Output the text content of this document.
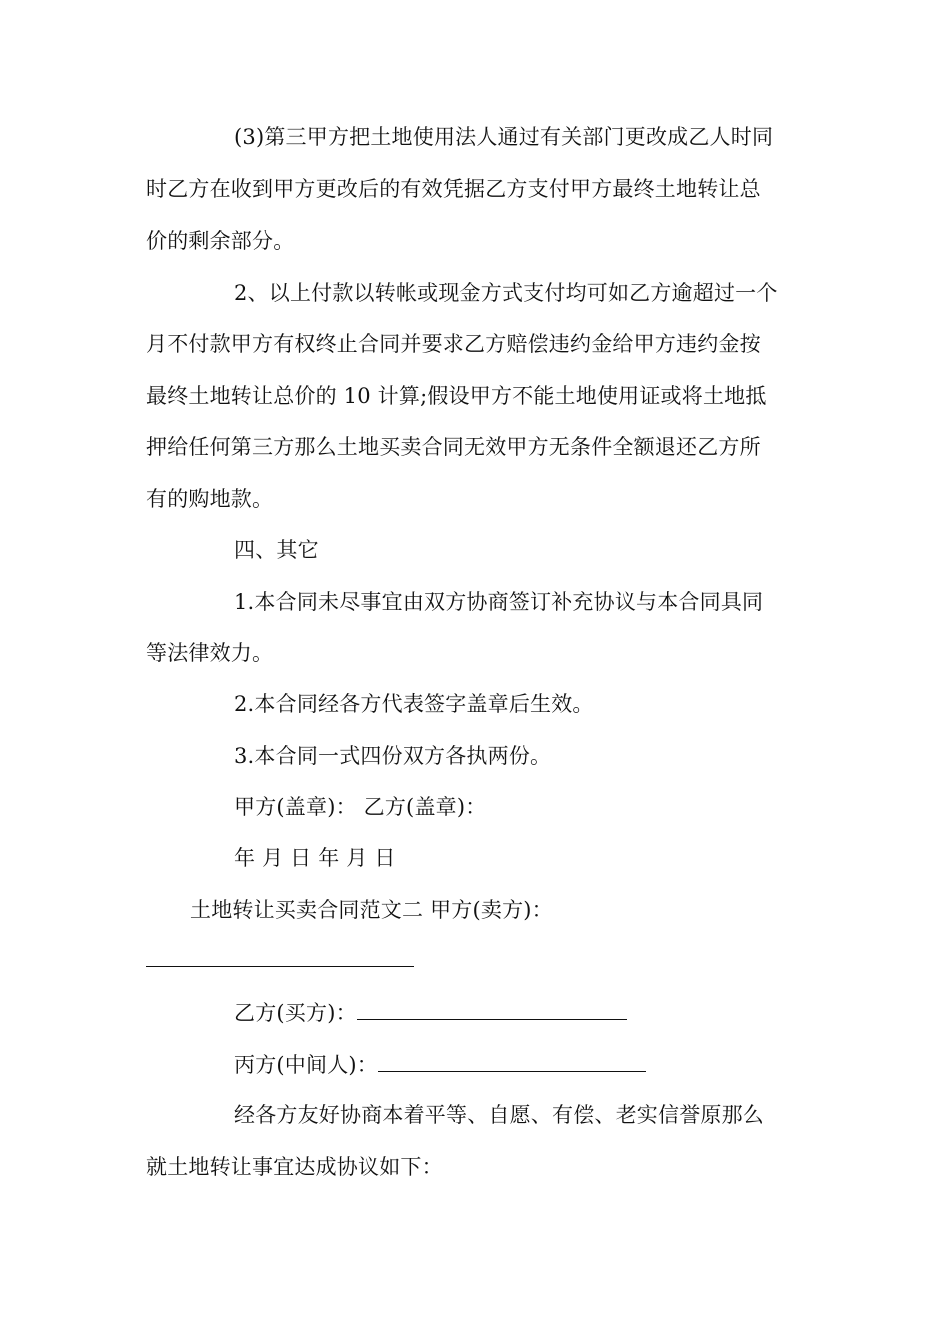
(3)第三甲方把土地使用法人通过有关部门更改成乙人时同
时乙方在收到甲方更改后的有效凭据乙方支付甲方最终土地转让总
价的剩余部分。
2、以上付款以转帐或现金方式支付均可如乙方逾超过一个
月不付款甲方有权终止合同并要求乙方赔偿违约金给甲方违约金按
最终土地转让总价的 10 计算;假设甲方不能土地使用证或将土地抵
押给任何第三方那么土地买卖合同无效甲方无条件全额退还乙方所
有的购地款。
四、其它
1.本合同未尽事宜由双方协商签订补充协议与本合同具同
等法律效力。
2.本合同经各方代表签字盖章后生效。
3.本合同一式四份双方各执两份。
甲方(盖章)： 乙方(盖章)：
年 月 日 年 月 日
土地转让买卖合同范文二 甲方(卖方)：
乙方(买方)：
丙方(中间人)：
经各方友好协商本着平等、自愿、有偿、老实信誉原那么
就土地转让事宜达成协议如下：
